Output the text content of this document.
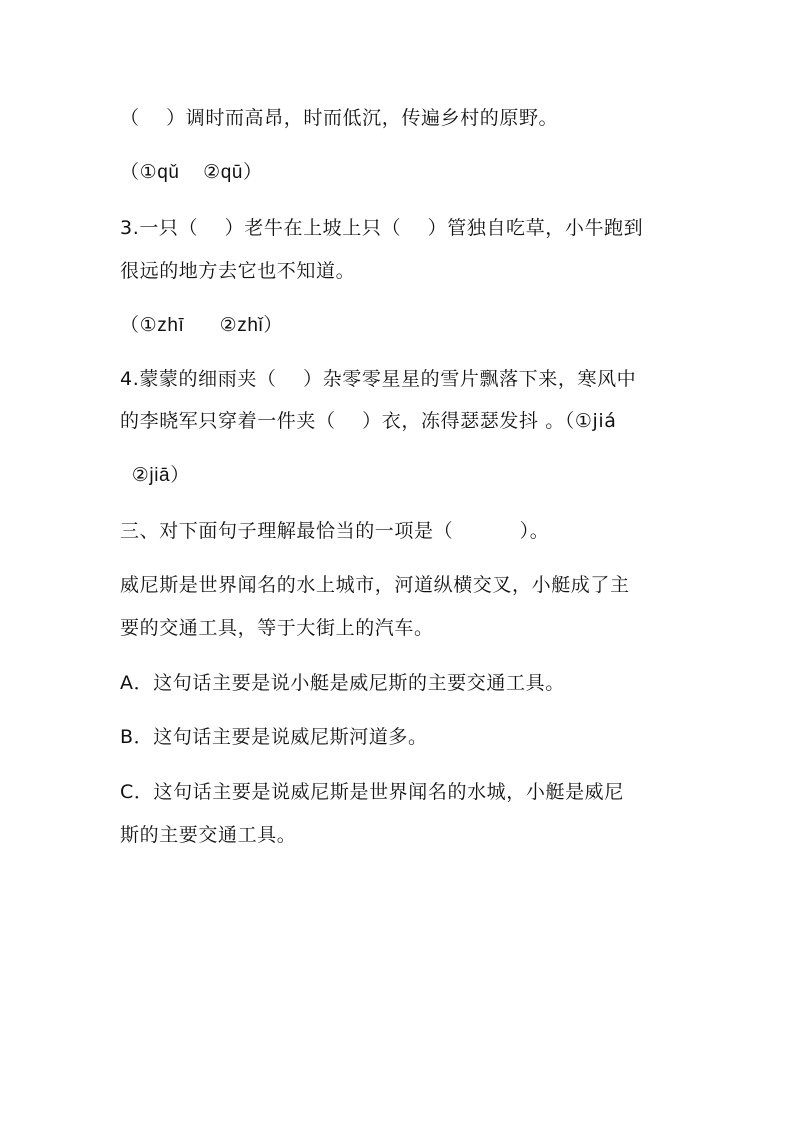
（    ）调时而高昂，时而低沉，传遍乡村的原野。
（①qǔ    ②qū）
3.一只（    ）老牛在上坡上只（    ）管独自吃草，小牛跑到
很远的地方去它也不知道。
（①zhī      ②zhǐ）
4.蒙蒙的细雨夹（    ）杂零零星星的雪片飘落下来，寒风中
的李晓军只穿着一件夹（    ）衣，冻得瑟瑟发抖 。（①jiá
②jiā）
三、对下面句子理解最恰当的一项是（          ）。
威尼斯是世界闻名的水上城市，河道纵横交叉，小艇成了主
要的交通工具，等于大街上的汽车。
A．这句话主要是说小艇是威尼斯的主要交通工具。
B．这句话主要是说威尼斯河道多。
C．这句话主要是说威尼斯是世界闻名的水城，小艇是威尼
斯的主要交通工具。
